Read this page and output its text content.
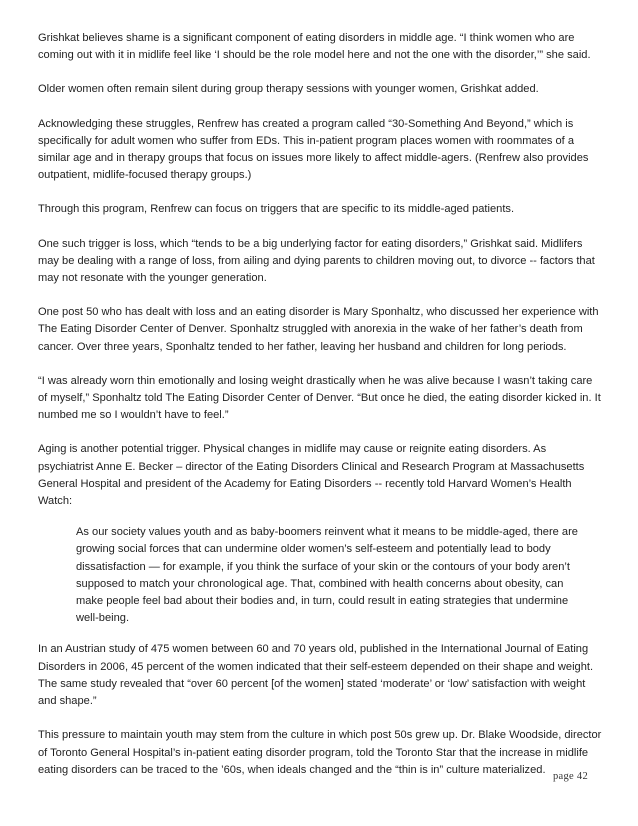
Grishkat believes shame is a significant component of eating disorders in middle age. “I think women who are coming out with it in midlife feel like ‘I should be the role model here and not the one with the disorder,’” she said.

Older women often remain silent during group therapy sessions with younger women, Grishkat added.

Acknowledging these struggles, Renfrew has created a program called “30-Something And Beyond,” which is specifically for adult women who suffer from EDs. This in-patient program places women with roommates of a similar age and in therapy groups that focus on issues more likely to affect middle-agers. (Renfrew also provides outpatient, midlife-focused therapy groups.)

Through this program, Renfrew can focus on triggers that are specific to its middle-aged patients.

One such trigger is loss, which “tends to be a big underlying factor for eating disorders,” Grishkat said. Midlifers may be dealing with a range of loss, from ailing and dying parents to children moving out, to divorce -- factors that may not resonate with the younger generation.

One post 50 who has dealt with loss and an eating disorder is Mary Sponhaltz, who discussed her experience with The Eating Disorder Center of Denver. Sponhaltz struggled with anorexia in the wake of her father’s death from cancer. Over three years, Sponhaltz tended to her father, leaving her husband and children for long periods.

“I was already worn thin emotionally and losing weight drastically when he was alive because I wasn’t taking care of myself,” Sponhaltz told The Eating Disorder Center of Denver. “But once he died, the eating disorder kicked in. It numbed me so I wouldn’t have to feel.”

Aging is another potential trigger. Physical changes in midlife may cause or reignite eating disorders. As psychiatrist Anne E. Becker – director of the Eating Disorders Clinical and Research Program at Massachusetts General Hospital and president of the Academy for Eating Disorders -- recently told Harvard Women’s Health Watch:

As our society values youth and as baby-boomers reinvent what it means to be middle-aged, there are growing social forces that can undermine older women’s self-esteem and potentially lead to body dissatisfaction — for example, if you think the surface of your skin or the contours of your body aren’t supposed to match your chronological age. That, combined with health concerns about obesity, can make people feel bad about their bodies and, in turn, could result in eating strategies that undermine well-being.

In an Austrian study of 475 women between 60 and 70 years old, published in the International Journal of Eating Disorders in 2006, 45 percent of the women indicated that their self-esteem depended on their shape and weight. The same study revealed that “over 60 percent [of the women] stated ‘moderate’ or ‘low’ satisfaction with weight and shape.”

This pressure to maintain youth may stem from the culture in which post 50s grew up. Dr. Blake Woodside, director of Toronto General Hospital’s in-patient eating disorder program, told the Toronto Star that the increase in midlife eating disorders can be traced to the ’60s, when ideals changed and the “thin is in” culture materialized.

page 42
